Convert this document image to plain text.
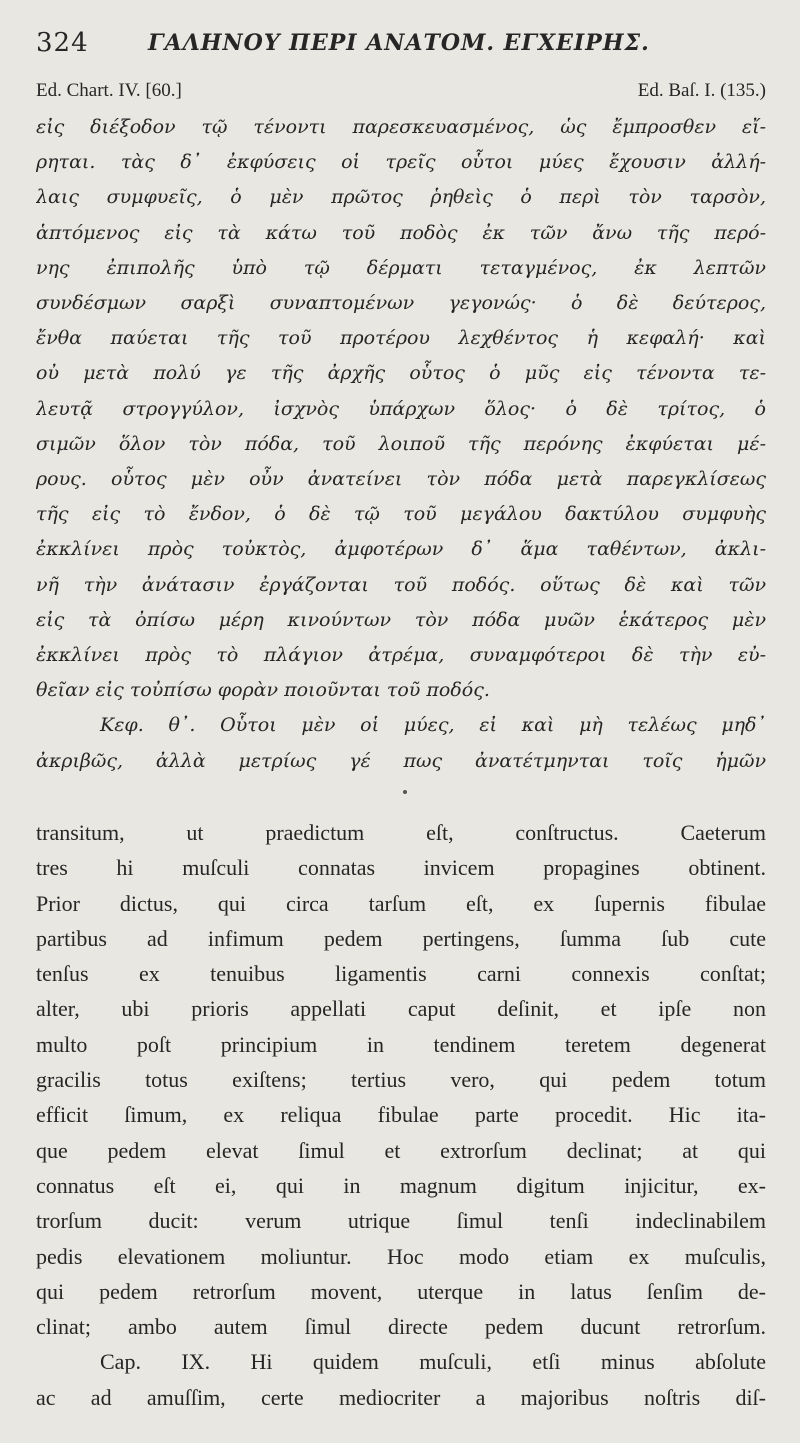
324	ΓΑΛΗΝΟΥ ΠΕΡΙ ΑΝΑΤΟΜ. ΕΓΧΕΙΡΗΣ.
Ed. Chart. IV. [60.]	Ed. Baſ. I. (135.)
εἰς διέξοδον τῷ τένοντι παρεσκευασμένος, ὡς ἔμπροσθεν εἴ-
ρηται. τὰς δ᾽ ἐκφύσεις οἱ τρεῖς οὗτοι μύες ἔχουσιν ἀλλή-
λαις συμφυεῖς, ὁ μὲν πρῶτος ῥηθεὶς ὁ περὶ τὸν ταρσὸν,
ἁπτόμενος εἰς τὰ κάτω τοῦ ποδὸς ἐκ τῶν ἄνω τῆς περό-
νης ἐπιπολῆς ὑπὸ τῷ δέρματι τεταγμένος, ἐκ λεπτῶν
συνδέσμων σαρξὶ συναπτομένων γεγονώς· ὁ δὲ δεύτερος,
ἔνθα παύεται τῆς τοῦ προτέρου λεχθέντος ἡ κεφαλή· καὶ
οὐ μετὰ πολύ γε τῆς ἀρχῆς οὗτος ὁ μῦς εἰς τένοντα τε-
λευτᾷ στρογγύλον, ἰσχνὸς ὑπάρχων ὅλος· ὁ δὲ τρίτος, ὁ
σιμῶν ὅλον τὸν πόδα, τοῦ λοιποῦ τῆς περόνης ἐκφύεται μέ-
ρους. οὗτος μὲν οὖν ἀνατείνει τὸν πόδα μετὰ παρεγκλίσεως
τῆς εἰς τὸ ἔνδον, ὁ δὲ τῷ τοῦ μεγάλου δακτύλου συμφυὴς
ἐκκλίνει πρὸς τοὐκτὸς, ἀμφοτέρων δ᾽ ἅμα ταθέντων, ἀκλι-
νῆ τὴν ἀνάτασιν ἐργάζονται τοῦ ποδός. οὕτως δὲ καὶ τῶν
εἰς τὰ ὀπίσω μέρη κινούντων τὸν πόδα μυῶν ἑκάτερος μὲν
ἐκκλίνει πρὸς τὸ πλάγιον ἀτρέμα, συναμφότεροι δὲ τὴν εὐ-
θεῖαν εἰς τοὐπίσω φορὰν ποιοῦνται τοῦ ποδός.
Κεφ. θ᾽. Οὗτοι μὲν οἱ μύες, εἰ καὶ μὴ τελέως μηδ᾽
ἀκριβῶς, ἀλλὰ μετρίως γέ πως ἀνατέτμηνται τοῖς ἡμῶν
transitum, ut praedictum eſt, conſtructus. Caeterum
tres hi muſculi connatas invicem propagines obtinent.
Prior dictus, qui circa tarſum eſt, ex ſupernis fibulae
partibus ad infimum pedem pertingens, ſumma ſub cute
tenſus ex tenuibus ligamentis carni connexis conſtat;
alter, ubi prioris appellati caput deſinit, et ipſe non
multo poſt principium in tendinem teretem degenerat
gracilis totus exiſtens; tertius vero, qui pedem totum
efficit ſimum, ex reliqua fibulae parte procedit. Hic ita-
que pedem elevat ſimul et extrorſum declinat; at qui
connatus eſt ei, qui in magnum digitum injicitur, ex-
trorſum ducit: verum utrique ſimul tenſi indeclinabilem
pedis elevationem moliuntur. Hoc modo etiam ex muſculis,
qui pedem retrorſum movent, uterque in latus ſenſim de-
clinat; ambo autem ſimul directe pedem ducunt retrorſum.
Cap. IX. Hi quidem muſculi, etſi minus abſolute
ac ad amuſſim, certe mediocriter a majoribus noſtris diſ-
